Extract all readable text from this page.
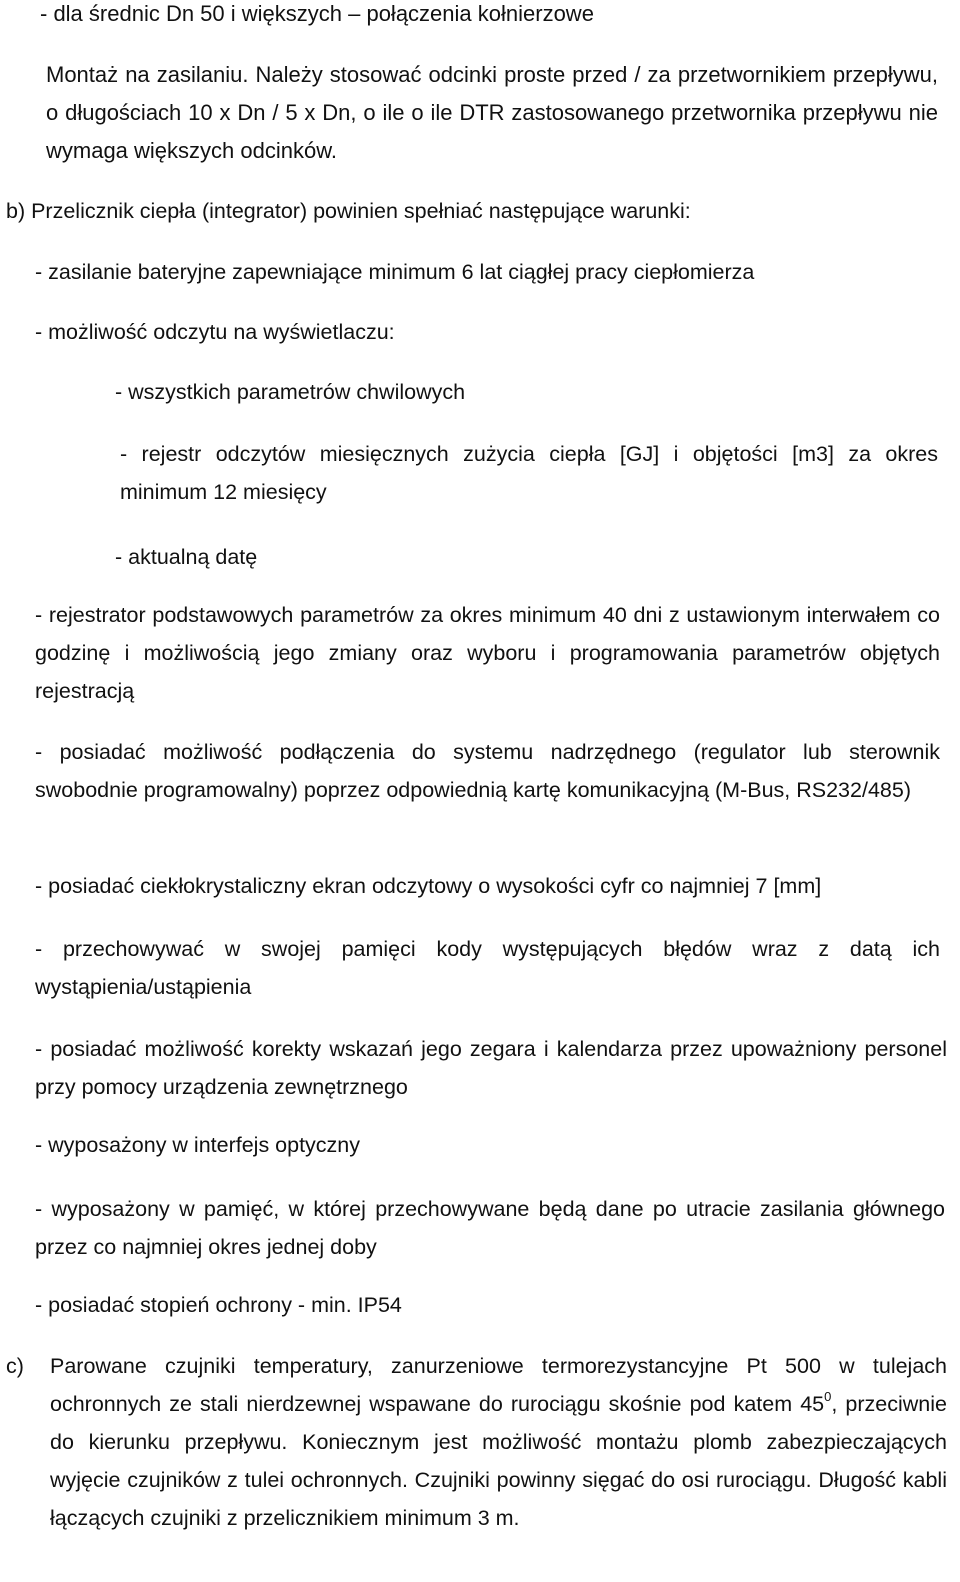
- dla średnic Dn 50 i większych – połączenia kołnierzowe
Montaż na zasilaniu. Należy stosować odcinki proste przed / za przetwornikiem przepływu, o długościach 10 x Dn / 5 x Dn, o ile o ile DTR zastosowanego przetwornika przepływu nie wymaga większych odcinków.
b) Przelicznik ciepła (integrator) powinien spełniać następujące warunki:
- zasilanie bateryjne zapewniające minimum 6 lat ciągłej pracy ciepłomierza
- możliwość odczytu na wyświetlaczu:
- wszystkich parametrów chwilowych
- rejestr odczytów miesięcznych zużycia ciepła [GJ] i objętości [m3] za okres minimum 12 miesięcy
- aktualną datę
- rejestrator podstawowych parametrów za okres minimum 40 dni z ustawionym interwałem co godzinę i możliwością jego zmiany oraz wyboru i programowania parametrów objętych rejestracją
- posiadać możliwość podłączenia do systemu nadrzędnego (regulator lub sterownik swobodnie programowalny) poprzez odpowiednią kartę komunikacyjną (M-Bus, RS232/485)
- posiadać ciekłokrystaliczny ekran odczytowy o wysokości cyfr co najmniej 7 [mm]
- przechowywać w swojej pamięci kody występujących błędów wraz z datą ich wystąpienia/ustąpienia
- posiadać możliwość korekty wskazań jego zegara i kalendarza przez upoważniony personel przy pomocy urządzenia zewnętrznego
- wyposażony w interfejs optyczny
- wyposażony w pamięć, w której przechowywane będą dane po utracie zasilania głównego przez co najmniej okres jednej doby
- posiadać stopień ochrony - min. IP54
c) Parowane czujniki temperatury, zanurzeniowe termorezystancyjne Pt 500 w tulejach ochronnych ze stali nierdzewnej wspawane do rurociągu skośnie pod katem $45^0$, przeciwnie do kierunku przepływu. Koniecznym jest możliwość montażu plomb zabezpieczających wyjęcie czujników z tulei ochronnych. Czujniki powinny sięgać do osi rurociągu. Długość kabli łączących czujniki z przelicznikiem minimum 3 m.
